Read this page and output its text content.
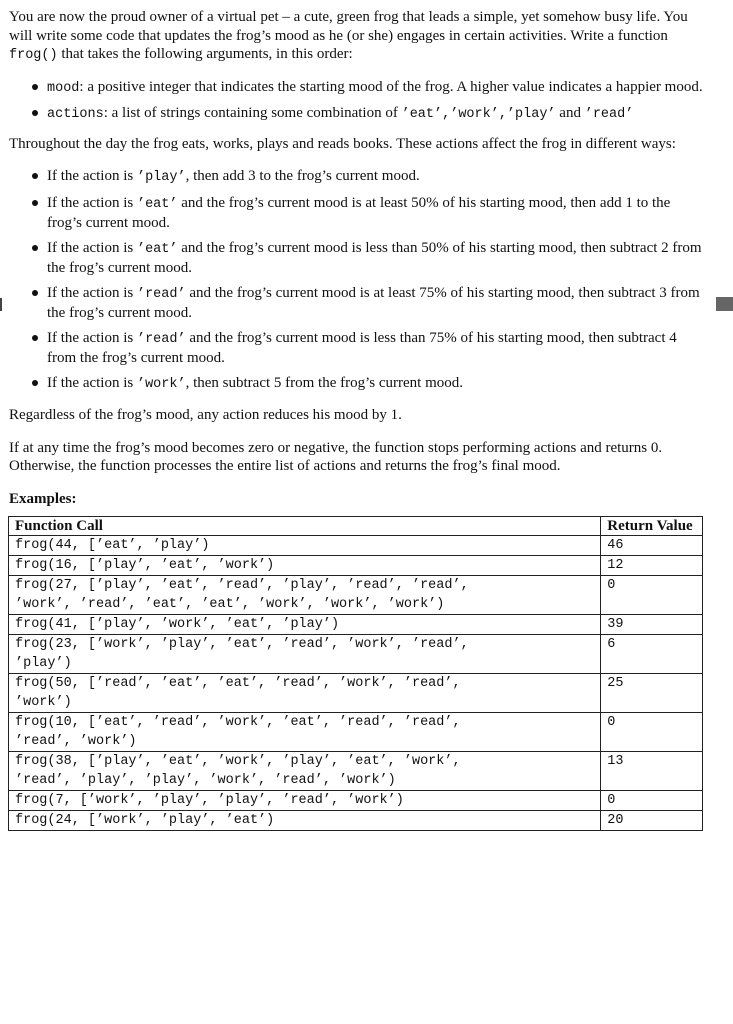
You are now the proud owner of a virtual pet – a cute, green frog that leads a simple, yet somehow busy life. You will write some code that updates the frog’s mood as he (or she) engages in certain activities. Write a function frog() that takes the following arguments, in this order:

mood: a positive integer that indicates the starting mood of the frog. A higher value indicates a happier mood.
actions: a list of strings containing some combination of ’eat’,’work’,’play’ and ’read’

Throughout the day the frog eats, works, plays and reads books. These actions affect the frog in different ways:

If the action is ’play’, then add 3 to the frog’s current mood.
If the action is ’eat’ and the frog’s current mood is at least 50% of his starting mood, then add 1 to the frog’s current mood.
If the action is ’eat’ and the frog’s current mood is less than 50% of his starting mood, then subtract 2 from the frog’s current mood.
If the action is ’read’ and the frog’s current mood is at least 75% of his starting mood, then subtract 3 from the frog’s current mood.
If the action is ’read’ and the frog’s current mood is less than 75% of his starting mood, then subtract 4 from the frog’s current mood.
If the action is ’work’, then subtract 5 from the frog’s current mood.

Regardless of the frog’s mood, any action reduces his mood by 1.

If at any time the frog’s mood becomes zero or negative, the function stops performing actions and returns 0. Otherwise, the function processes the entire list of actions and returns the frog’s final mood.

Examples:

Function Call	Return Value

frog(44, [’eat’, ’play’)	46

frog(16, [’play’, ’eat’, ’work’)	12

frog(27, [’play’, ’eat’, ’read’, ’play’, ’read’, ’read’,
’work’, ’read’, ’eat’, ’eat’, ’work’, ’work’, ’work’)	0

frog(41, [’play’, ’work’, ’eat’, ’play’)	39

frog(23, [’work’, ’play’, ’eat’, ’read’, ’work’, ’read’,
’play’)	6

frog(50, [’read’, ’eat’, ’eat’, ’read’, ’work’, ’read’,
’work’)	25

frog(10, [’eat’, ’read’, ’work’, ’eat’, ’read’, ’read’,
’read’, ’work’)	0

frog(38, [’play’, ’eat’, ’work’, ’play’, ’eat’, ’work’,
’read’, ’play’, ’play’, ’work’, ’read’, ’work’)	13

frog(7, [’work’, ’play’, ’play’, ’read’, ’work’)	0

frog(24, [’work’, ’play’, ’eat’)	20
